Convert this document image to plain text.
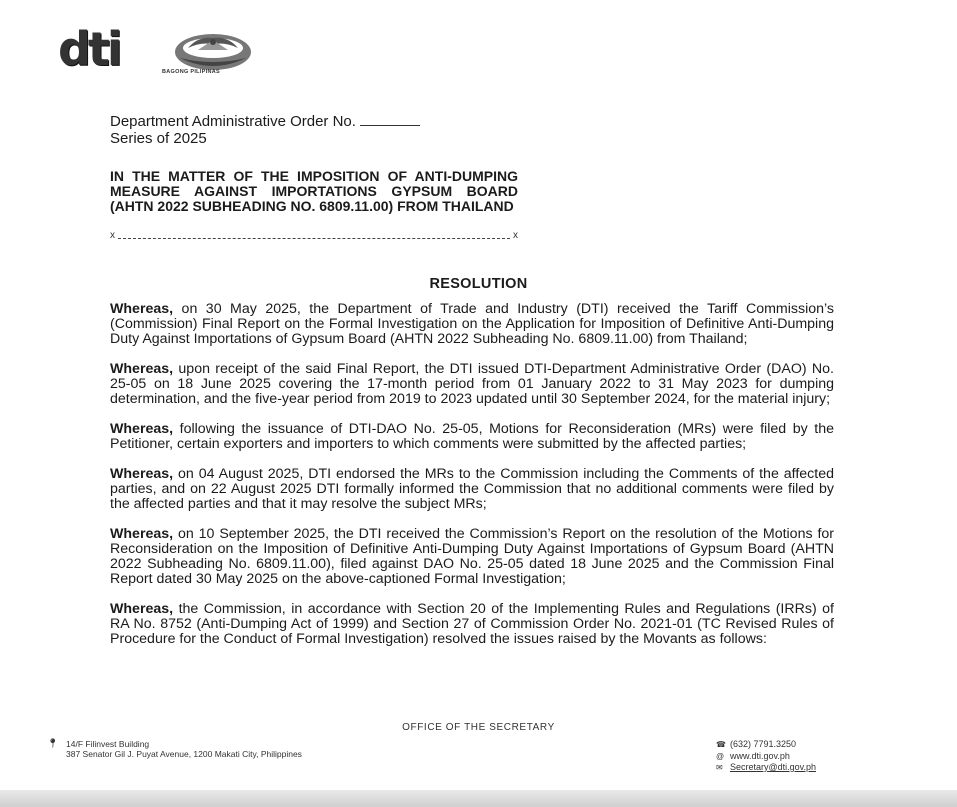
dti	BAGONG PILIPINAS
Department Administrative Order No.
Series of 2025
IN THE MATTER OF THE IMPOSITION OF ANTI-DUMPING MEASURE AGAINST IMPORTATIONS GYPSUM BOARD (AHTN 2022 SUBHEADING NO. 6809.11.00) FROM THAILAND
x	x
RESOLUTION

Whereas, on 30 May 2025, the Department of Trade and Industry (DTI) received the Tariff Commission’s (Commission) Final Report on the Formal Investigation on the Application for Imposition of Definitive Anti-Dumping Duty Against Importations of Gypsum Board (AHTN 2022 Subheading No. 6809.11.00) from Thailand;

Whereas, upon receipt of the said Final Report, the DTI issued DTI-Department Administrative Order (DAO) No. 25-05 on 18 June 2025 covering the 17-month period from 01 January 2022 to 31 May 2023 for dumping determination, and the five-year period from 2019 to 2023 updated until 30 September 2024, for the material injury;

Whereas, following the issuance of DTI-DAO No. 25-05, Motions for Reconsideration (MRs) were filed by the Petitioner, certain exporters and importers to which comments were submitted by the affected parties;

Whereas, on 04 August 2025, DTI endorsed the MRs to the Commission including the Comments of the affected parties, and on 22 August 2025 DTI formally informed the Commission that no additional comments were filed by the affected parties and that it may resolve the subject MRs;

Whereas, on 10 September 2025, the DTI received the Commission’s Report on the resolution of the Motions for Reconsideration on the Imposition of Definitive Anti-Dumping Duty Against Importations of Gypsum Board (AHTN 2022 Subheading No. 6809.11.00), filed against DAO No. 25-05 dated 18 June 2025 and the Commission Final Report dated 30 May 2025 on the above-captioned Formal Investigation;

Whereas, the Commission, in accordance with Section 20 of the Implementing Rules and Regulations (IRRs) of RA No. 8752 (Anti-Dumping Act of 1999) and Section 27 of Commission Order No. 2021-01 (TC Revised Rules of Procedure for the Conduct of Formal Investigation) resolved the issues raised by the Movants as follows:

OFFICE OF THE SECRETARY
📍︎ 14/F Filinvest Building
387 Senator Gil J. Puyat Avenue, 1200 Makati City, Philippines
☎ (632) 7791.3250
@ www.dti.gov.ph
✉ Secretary@dti.gov.ph
